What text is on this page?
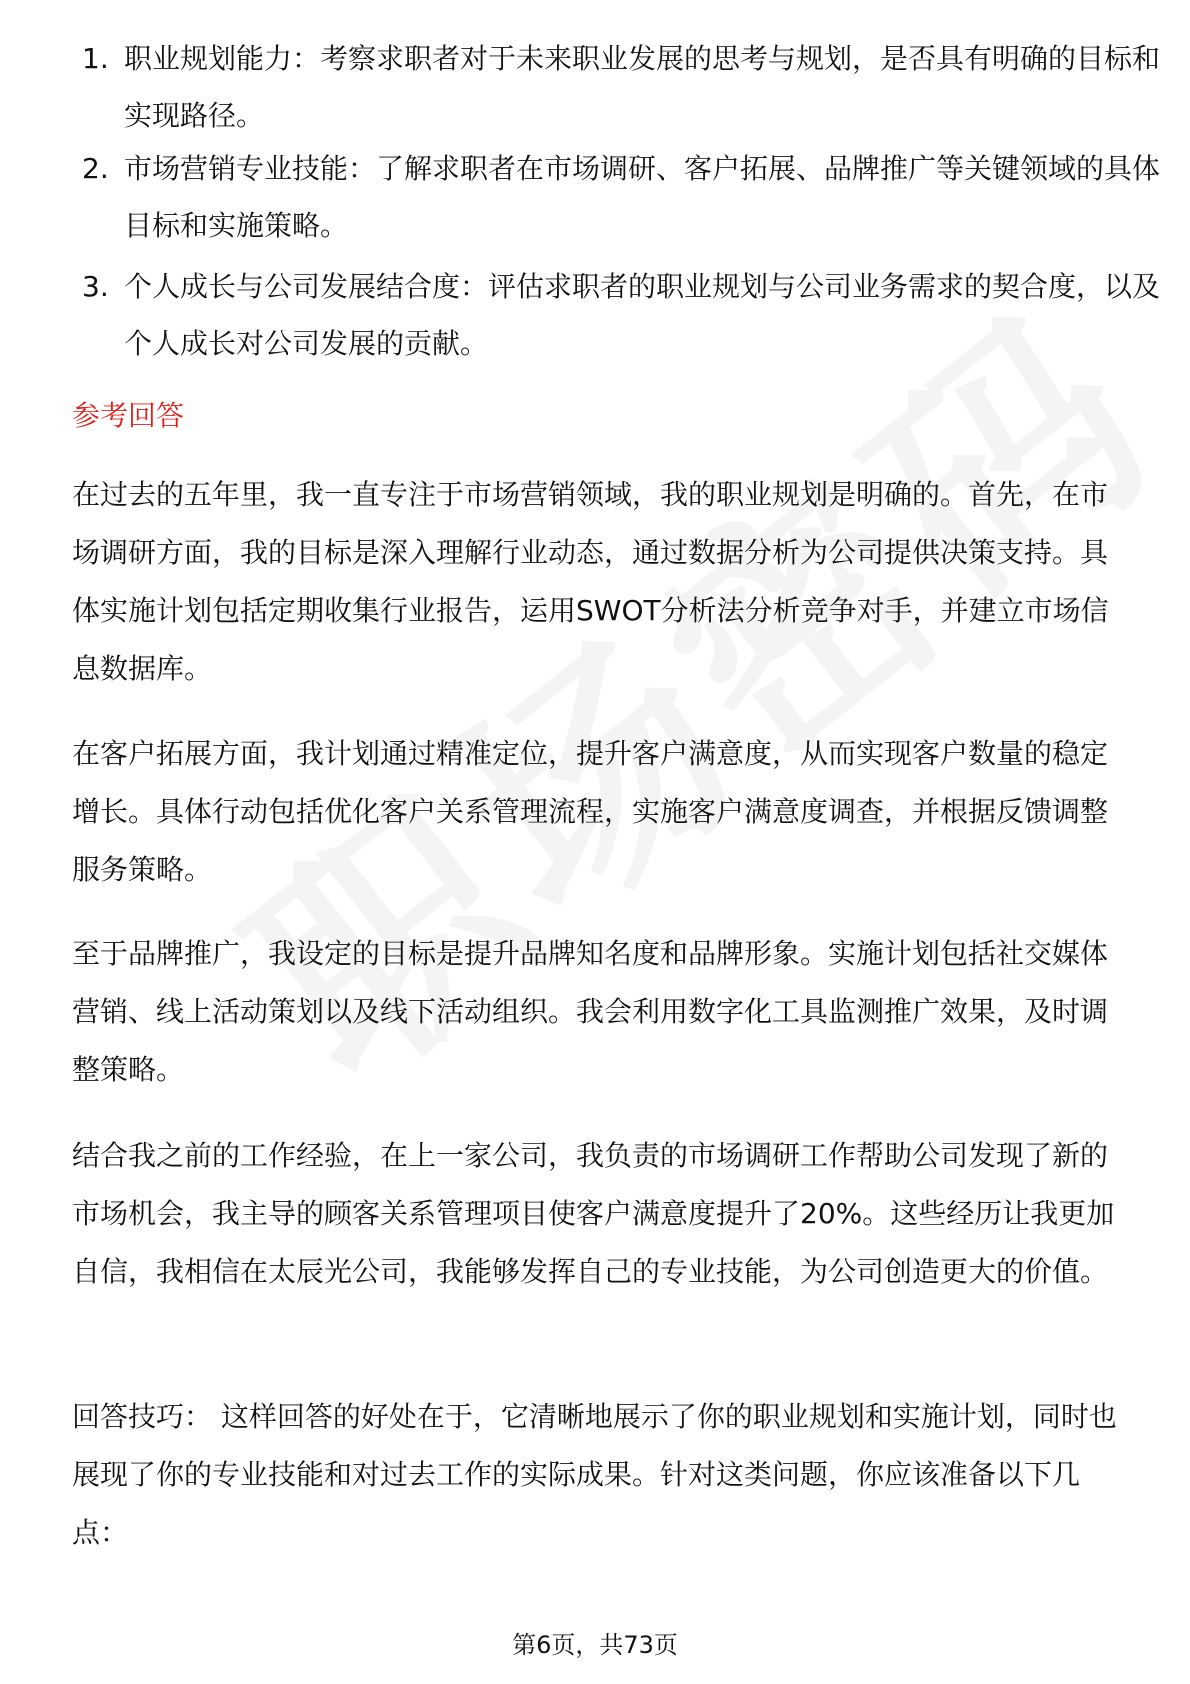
1. 职业规划能力：考察求职者对于未来职业发展的思考与规划，是否具有明确的目标和实现路径。
2. 市场营销专业技能：了解求职者在市场调研、客户拓展、品牌推广等关键领域的具体目标和实施策略。
3. 个人成长与公司发展结合度：评估求职者的职业规划与公司业务需求的契合度，以及个人成长对公司发展的贡献。
参考回答

在过去的五年里，我一直专注于市场营销领域，我的职业规划是明确的。首先，在市场调研方面，我的目标是深入理解行业动态，通过数据分析为公司提供决策支持。具体实施计划包括定期收集行业报告，运用SWOT分析法分析竞争对手，并建立市场信息数据库。

在客户拓展方面，我计划通过精准定位，提升客户满意度，从而实现客户数量的稳定增长。具体行动包括优化客户关系管理流程，实施客户满意度调查，并根据反馈调整服务策略。

至于品牌推广，我设定的目标是提升品牌知名度和品牌形象。实施计划包括社交媒体营销、线上活动策划以及线下活动组织。我会利用数字化工具监测推广效果，及时调整策略。

结合我之前的工作经验，在上一家公司，我负责的市场调研工作帮助公司发现了新的市场机会，我主导的顾客关系管理项目使客户满意度提升了20%。这些经历让我更加自信，我相信在太辰光公司，我能够发挥自己的专业技能，为公司创造更大的价值。

回答技巧： 这样回答的好处在于，它清晰地展示了你的职业规划和实施计划，同时也展现了你的专业技能和对过去工作的实际成果。针对这类问题，你应该准备以下几点：

第6页，共73页
